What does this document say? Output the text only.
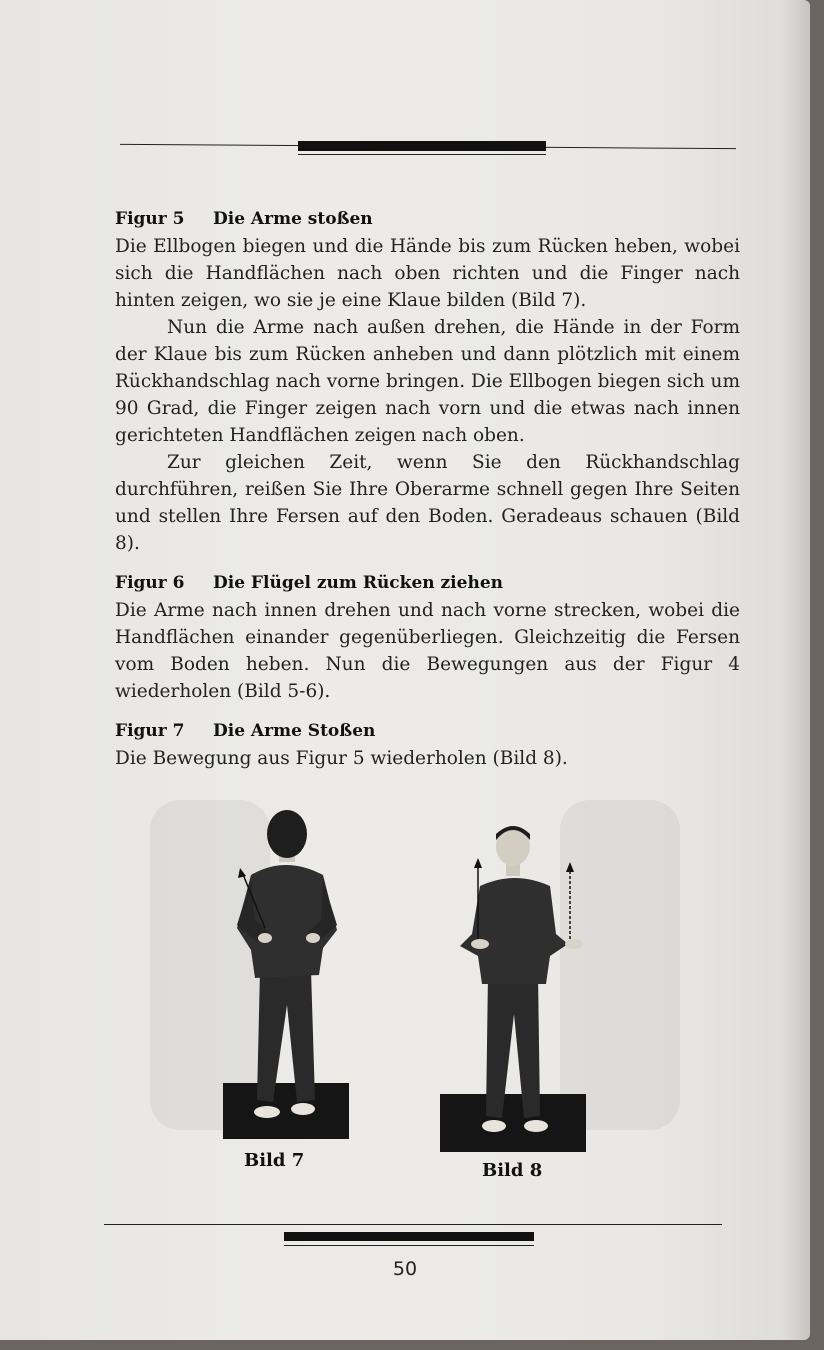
Figur 5 Die Arme stoßen

Die Ellbogen biegen und die Hände bis zum Rücken heben, wobei sich die Handflächen nach oben richten und die Finger nach hinten zeigen, wo sie je eine Klaue bilden (Bild 7).

Nun die Arme nach außen drehen, die Hände in der Form der Klaue bis zum Rücken anheben und dann plötzlich mit einem Rückhandschlag nach vorne bringen. Die Ellbogen biegen sich um 90 Grad, die Finger zeigen nach vorn und die etwas nach innen gerichteten Handflächen zeigen nach oben.

Zur gleichen Zeit, wenn Sie den Rückhandschlag durchführen, reißen Sie Ihre Oberarme schnell gegen Ihre Seiten und stellen Ihre Fersen auf den Boden. Geradeaus schauen (Bild 8).

Figur 6 Die Flügel zum Rücken ziehen

Die Arme nach innen drehen und nach vorne strecken, wobei die Handflächen einander gegenüberliegen. Gleichzeitig die Fersen vom Boden heben. Nun die Bewegungen aus der Figur 4 wiederholen (Bild 5-6).

Figur 7 Die Arme Stoßen

Die Bewegung aus Figur 5 wiederholen (Bild 8).

Bild 7	Bild 8
50
